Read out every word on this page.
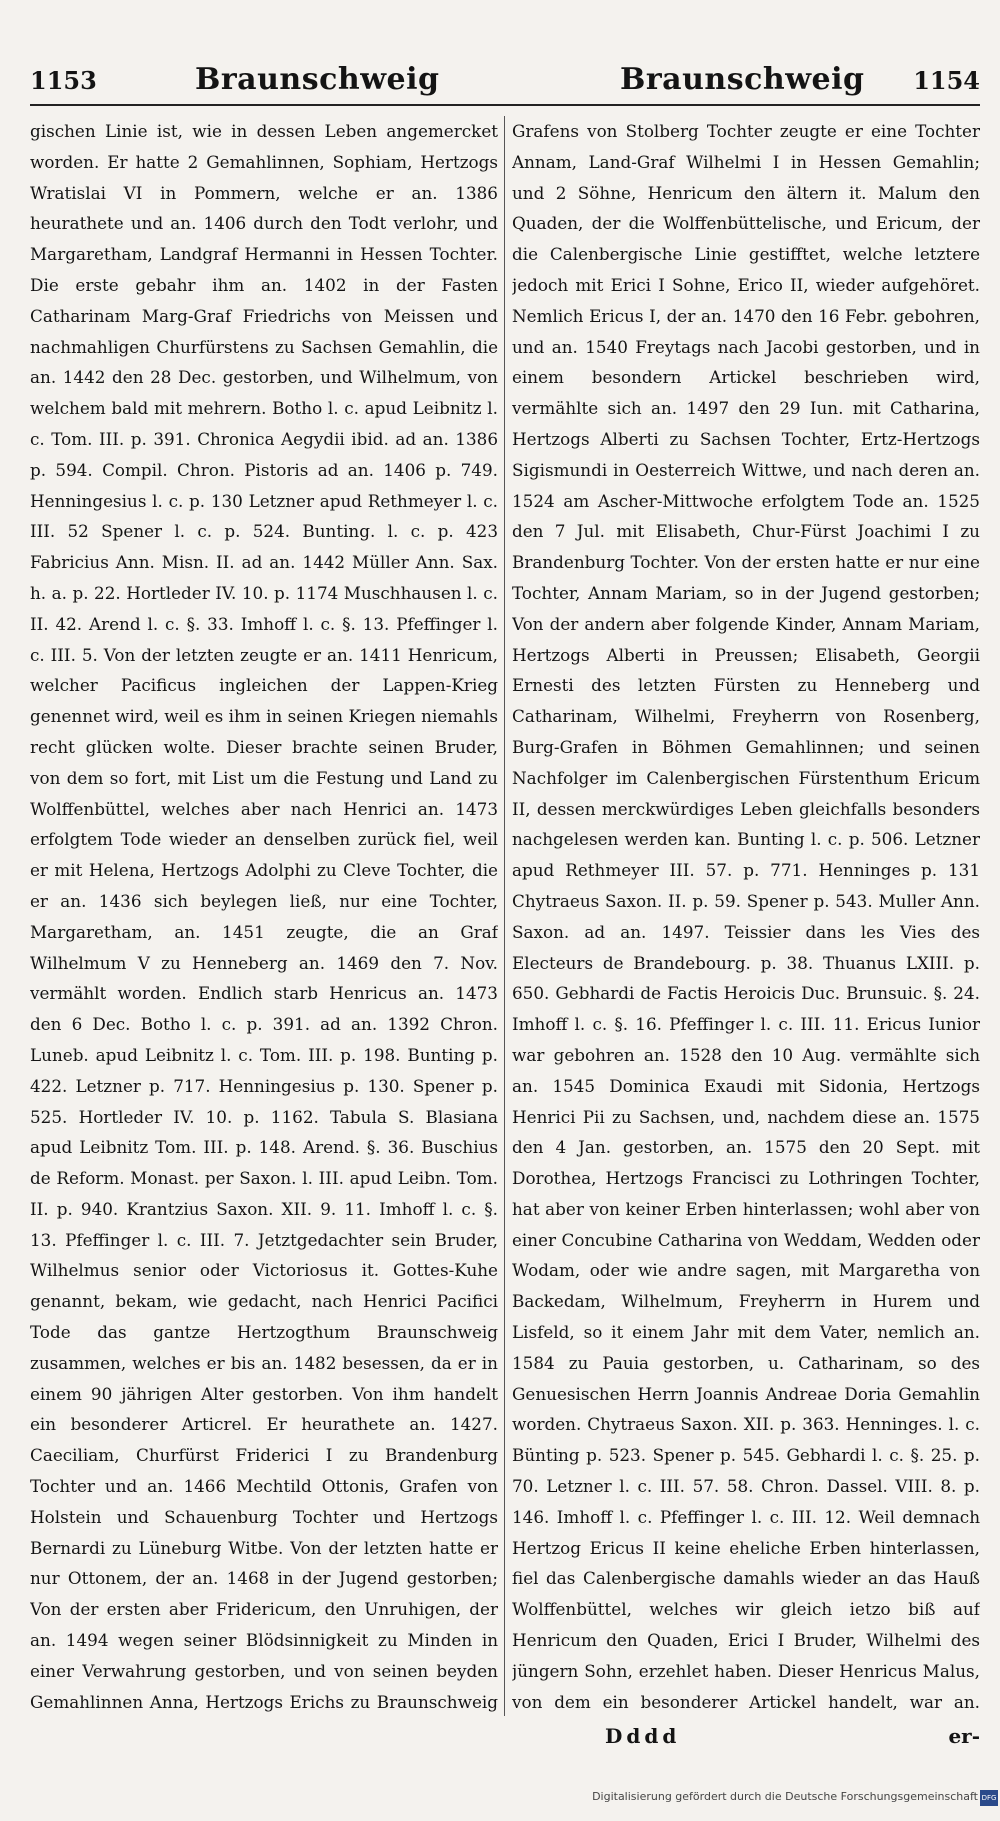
1153	Braunschweig	Braunschweig 1154

gischen Linie ist, wie in dessen Leben angemercket worden. Er hatte 2 Gemahlinnen, Sophiam, Hertzogs Wratislai VI in Pommern, welche er an. 1386 heurathete und an. 1406 durch den Todt verlohr, und Margaretham, Landgraf Hermanni in Hessen Tochter. Die erste gebahr ihm an. 1402 in der Fasten Catharinam Marg-Graf Friedrichs von Meissen und nachmahligen Churfürstens zu Sachsen Gemahlin, die an. 1442 den 28 Dec. gestorben, und Wilhelmum, von welchem bald mit mehrern. Botho l. c. apud Leibnitz l. c. Tom. III. p. 391. Chronica Aegydii ibid. ad an. 1386 p. 594. Compil. Chron. Pistoris ad an. 1406 p. 749. Henningesius l. c. p. 130 Letzner apud Rethmeyer l. c. III. 52 Spener l. c. p. 524. Bunting. l. c. p. 423 Fabricius Ann. Misn. II. ad an. 1442 Müller Ann. Sax. h. a. p. 22. Hortleder IV. 10. p. 1174 Muschhausen l. c. II. 42. Arend l. c. §. 33. Imhoff l. c. §. 13. Pfeffinger l. c. III. 5. Von der letzten zeugte er an. 1411 Henricum, welcher Pacificus ingleichen der Lappen-Krieg genennet wird, weil es ihm in seinen Kriegen niemahls recht glücken wolte. Dieser brachte seinen Bruder, von dem so fort, mit List um die Festung und Land zu Wolffenbüttel, welches aber nach Henrici an. 1473 erfolgtem Tode wieder an denselben zurück fiel, weil er mit Helena, Hertzogs Adolphi zu Cleve Tochter, die er an. 1436 sich beylegen ließ, nur eine Tochter, Margaretham, an. 1451 zeugte, die an Graf Wilhelmum V zu Henneberg an. 1469 den 7. Nov. vermählt worden. Endlich starb Henricus an. 1473 den 6 Dec. Botho l. c. p. 391. ad an. 1392 Chron. Luneb. apud Leibnitz l. c. Tom. III. p. 198. Bunting p. 422. Letzner p. 717. Henningesius p. 130. Spener p. 525. Hortleder IV. 10. p. 1162. Tabula S. Blasiana apud Leibnitz Tom. III. p. 148. Arend. §. 36. Buschius de Reform. Monast. per Saxon. l. III. apud Leibn. Tom. II. p. 940. Krantzius Saxon. XII. 9. 11. Imhoff l. c. §. 13. Pfeffinger l. c. III. 7. Jetztgedachter sein Bruder, Wilhelmus senior oder Victoriosus it. Gottes-Kuhe genannt, bekam, wie gedacht, nach Henrici Pacifici Tode das gantze Hertzogthum Braunschweig zusammen, welches er bis an. 1482 besessen, da er in einem 90 jährigen Alter gestorben. Von ihm handelt ein besonderer Articrel. Er heurathete an. 1427. Caeciliam, Churfürst Friderici I zu Brandenburg Tochter und an. 1466 Mechtild Ottonis, Grafen von Holstein und Schauenburg Tochter und Hertzogs Bernardi zu Lüneburg Witbe. Von der letzten hatte er nur Ottonem, der an. 1468 in der Jugend gestorben; Von der ersten aber Fridericum, den Unruhigen, der an. 1494 wegen seiner Blödsinnigkeit zu Minden in einer Verwahrung gestorben, und von seinen beyden Gemahlinnen Anna, Hertzogs Erichs zu Braunschweig

Grafens von Stolberg Tochter zeugte er eine Tochter Annam, Land-Graf Wilhelmi I in Hessen Gemahlin; und 2 Söhne, Henricum den ältern it. Malum den Quaden, der die Wolffenbüttelische, und Ericum, der die Calenbergische Linie gestifftet, welche letztere jedoch mit Erici I Sohne, Erico II, wieder aufgehöret. Nemlich Ericus I, der an. 1470 den 16 Febr. gebohren, und an. 1540 Freytags nach Jacobi gestorben, und in einem besondern Artickel beschrieben wird, vermählte sich an. 1497 den 29 Iun. mit Catharina, Hertzogs Alberti zu Sachsen Tochter, Ertz-Hertzogs Sigismundi in Oesterreich Wittwe, und nach deren an. 1524 am Ascher-Mittwoche erfolgtem Tode an. 1525 den 7 Jul. mit Elisabeth, Chur-Fürst Joachimi I zu Brandenburg Tochter. Von der ersten hatte er nur eine Tochter, Annam Mariam, so in der Jugend gestorben; Von der andern aber folgende Kinder, Annam Mariam, Hertzogs Alberti in Preussen; Elisabeth, Georgii Ernesti des letzten Fürsten zu Henneberg und Catharinam, Wilhelmi, Freyherrn von Rosenberg, Burg-Grafen in Böhmen Gemahlinnen; und seinen Nachfolger im Calenbergischen Fürstenthum Ericum II, dessen merckwürdiges Leben gleichfalls besonders nachgelesen werden kan. Bunting l. c. p. 506. Letzner apud Rethmeyer III. 57. p. 771. Henninges p. 131 Chytraeus Saxon. II. p. 59. Spener p. 543. Muller Ann. Saxon. ad an. 1497. Teissier dans les Vies des Electeurs de Brandebourg. p. 38. Thuanus LXIII. p. 650. Gebhardi de Factis Heroicis Duc. Brunsuic. §. 24. Imhoff l. c. §. 16. Pfeffinger l. c. III. 11. Ericus Iunior war gebohren an. 1528 den 10 Aug. vermählte sich an. 1545 Dominica Exaudi mit Sidonia, Hertzogs Henrici Pii zu Sachsen, und, nachdem diese an. 1575 den 4 Jan. gestorben, an. 1575 den 20 Sept. mit Dorothea, Hertzogs Francisci zu Lothringen Tochter, hat aber von keiner Erben hinterlassen; wohl aber von einer Concubine Catharina von Weddam, Wedden oder Wodam, oder wie andre sagen, mit Margaretha von Backedam, Wilhelmum, Freyherrn in Hurem und Lisfeld, so it einem Jahr mit dem Vater, nemlich an. 1584 zu Pauia gestorben, u. Catharinam, so des Genuesischen Herrn Joannis Andreae Doria Gemahlin worden. Chytraeus Saxon. XII. p. 363. Henninges. l. c. Bünting p. 523. Spener p. 545. Gebhardi l. c. §. 25. p. 70. Letzner l. c. III. 57. 58. Chron. Dassel. VIII. 8. p. 146. Imhoff l. c. Pfeffinger l. c. III. 12. Weil demnach Hertzog Ericus II keine eheliche Erben hinterlassen, fiel das Calenbergische damahls wieder an das Hauß Wolffenbüttel, welches wir gleich ietzo biß auf Henricum den Quaden, Erici I Bruder, Wilhelmi des jüngern Sohn, erzehlet haben. Dieser Henricus Malus, von dem ein besonderer Artickel handelt, war an.

Dddd	er-
Digitalisierung gefördert durch die Deutsche Forschungsgemeinschaft DFG
